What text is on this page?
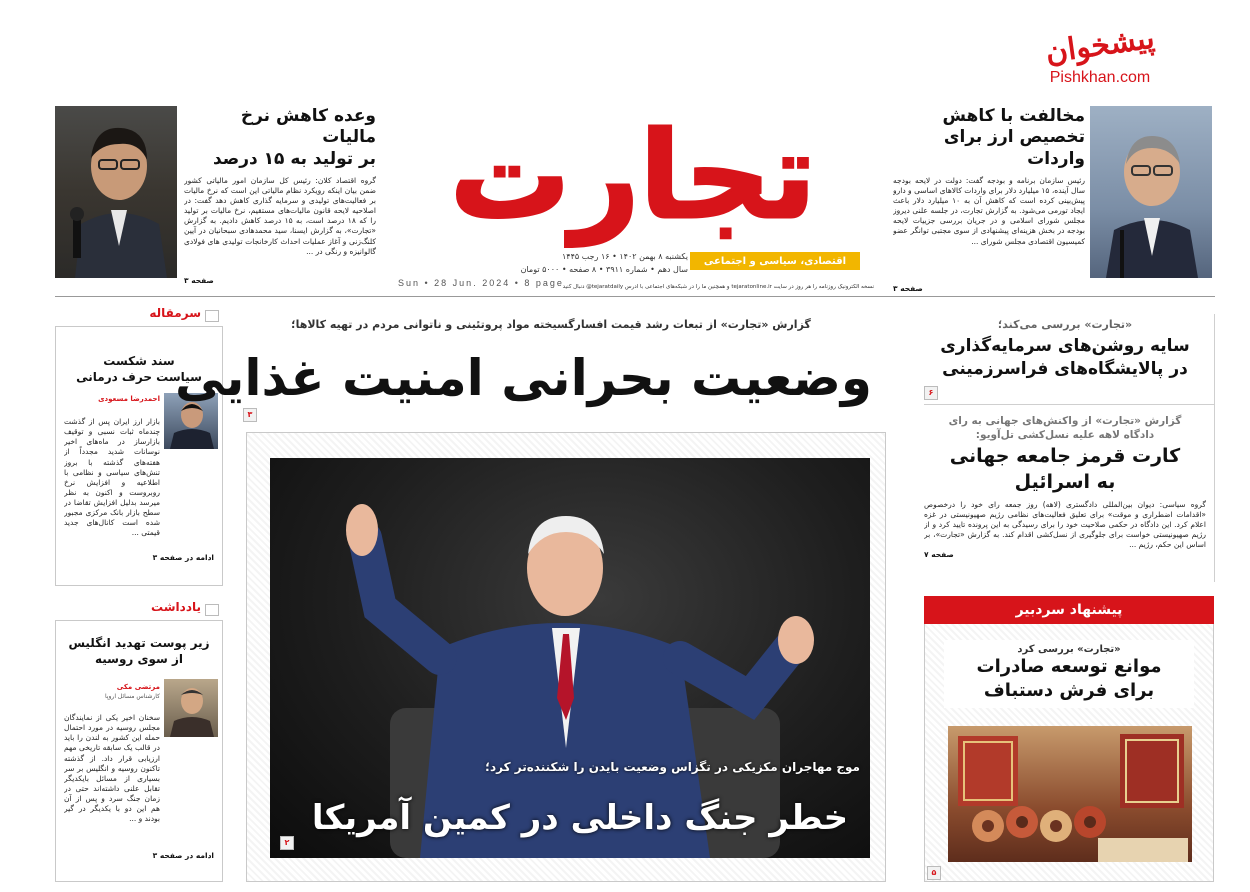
پیشخوان
Pishkhan.com
وعده کاهش نرخ مالیات
بر تولید به ۱۵ درصد
گروه اقتصاد کلان: رئیس کل سازمان امور مالیاتی کشور ضمن بیان اینکه رویکرد نظام مالیاتی این است که نرخ مالیات بر فعالیت‌های تولیدی و سرمایه گذاری کاهش دهد گفت: در اصلاحیه لایحه قانون مالیات‌های مستقیم، نرخ مالیات بر تولید را که ۱۸ درصد است، به ۱۵ درصد کاهش دادیم. به گزارش «تجارت»، به گزارش ایسنا، سید محمدهادی سبحانیان در آیین کلنگ‌زنی و آغاز عملیات احداث کارخانجات تولیدی های فولادی گالوانیزه و رنگی در ...
صفحه ۳
تجارت
اقتصادی، سیاسی و اجتماعی
یکشنبه ۸ بهمن ۱۴۰۲ • ۱۶ رجب ۱۴۴۵
سال دهم • شماره ۳۹۱۱ • ۸ صفحه • ۵۰۰۰ تومان
Sun • 28 Jun. 2024 • 8 page
نسخه الکترونیک روزنامه را هر روز در سایت tejaratonline.ir و همچنین ما را در شبکه‌های اجتماعی با آدرس tejaratdaily@ دنبال کنید
مخالفت با کاهش
تخصیص ارز برای واردات
رئیس سازمان برنامه و بودجه گفت: دولت در لایحه بودجه سال آینده، ۱۵ میلیارد دلار برای واردات کالاهای اساسی و دارو پیش‌بینی کرده است که کاهش آن به ۱۰ میلیارد دلار باعث ایجاد تورمی می‌شود. به گزارش تجارت، در جلسه علنی دیروز مجلس شورای اسلامی و در جریان بررسی جزییات لایحه بودجه در بخش هزینه‌ای پیشنهادی از سوی مجتبی توانگر عضو کمیسیون اقتصادی مجلس شورای ...
صفحه ۳
سند شکست
سیاست حرف درمانی
احمدرضا مسعودی
بازار ارز ایران پس از گذشت چندماه ثبات نسبی و توقیف بازارساز در ماه‌های اخیر نوسانات شدید مجدداً از هفته‌های گذشته با بروز تنش‌های سیاسی و نظامی با اطلاعیه و افزایش نرخ روبروست و اکنون به نظر میرسد بدلیل افزایش تقاضا در سطح بازار بانک مرکزی مجبور شده است کانال‌های جدید قیمتی ...
ادامه در صفحه ۳
سرمقاله
یادداشت
زیر پوست تهدید انگلیس
از سوی روسیه
مرتضی مکی
کارشناس مسائل اروپا
سخنان اخیر یکی از نمایندگان مجلس روسیه در مورد احتمال حمله این کشور به لندن را باید در قالب یک سابقه تاریخی مهم ارزیابی قرار داد. از گذشته تاکنون روسیه و انگلیس بر سر بسیاری از مسائل بایکدیگر تقابل علنی داشته‌اند حتی در زمان جنگ سرد و پس از آن هم این دو با یکدیگر در گیر بودند و ...
ادامه در صفحه ۳
گزارش «تجارت» از تبعات رشد قیمت افسارگسیخته مواد پروتئینی و ناتوانی مردم در تهیه کالاها؛
وضعیت بحرانی امنیت غذایی
۳
موج مهاجران مکزیکی در تگزاس وضعیت بایدن را شکننده‌تر کرد؛
خطر جنگ داخلی در کمین آمریکا
۲
«تجارت» بررسی می‌کند؛
سایه روشن‌های سرمایه‌گذاری
در پالایشگاه‌های فراسرزمینی
۶
گزارش «تجارت» از واکنش‌های جهانی به رای
دادگاه لاهه علیه نسل‌کشی تل‌آویو:
کارت قرمز جامعه جهانی
به اسرائیل
گروه سیاسی: دیوان بین‌المللی دادگستری (لاهه) روز جمعه رای خود را درخصوص «اقدامات اضطراری و موقت» برای تعلیق فعالیت‌های نظامی رژیم صهیونیستی در غزه اعلام کرد. این دادگاه در حکمی صلاحیت خود را برای رسیدگی به این پرونده تایید کرد و از رژیم صهیونیستی خواست برای جلوگیری از نسل‌کشی اقدام کند. به گزارش «تجارت»، بر اساس این حکم، رژیم ...
صفحه ۷
پیشنهاد سردبیر
«تجارت» بررسی کرد
موانع توسعه صادرات
برای فرش دستباف
۵
